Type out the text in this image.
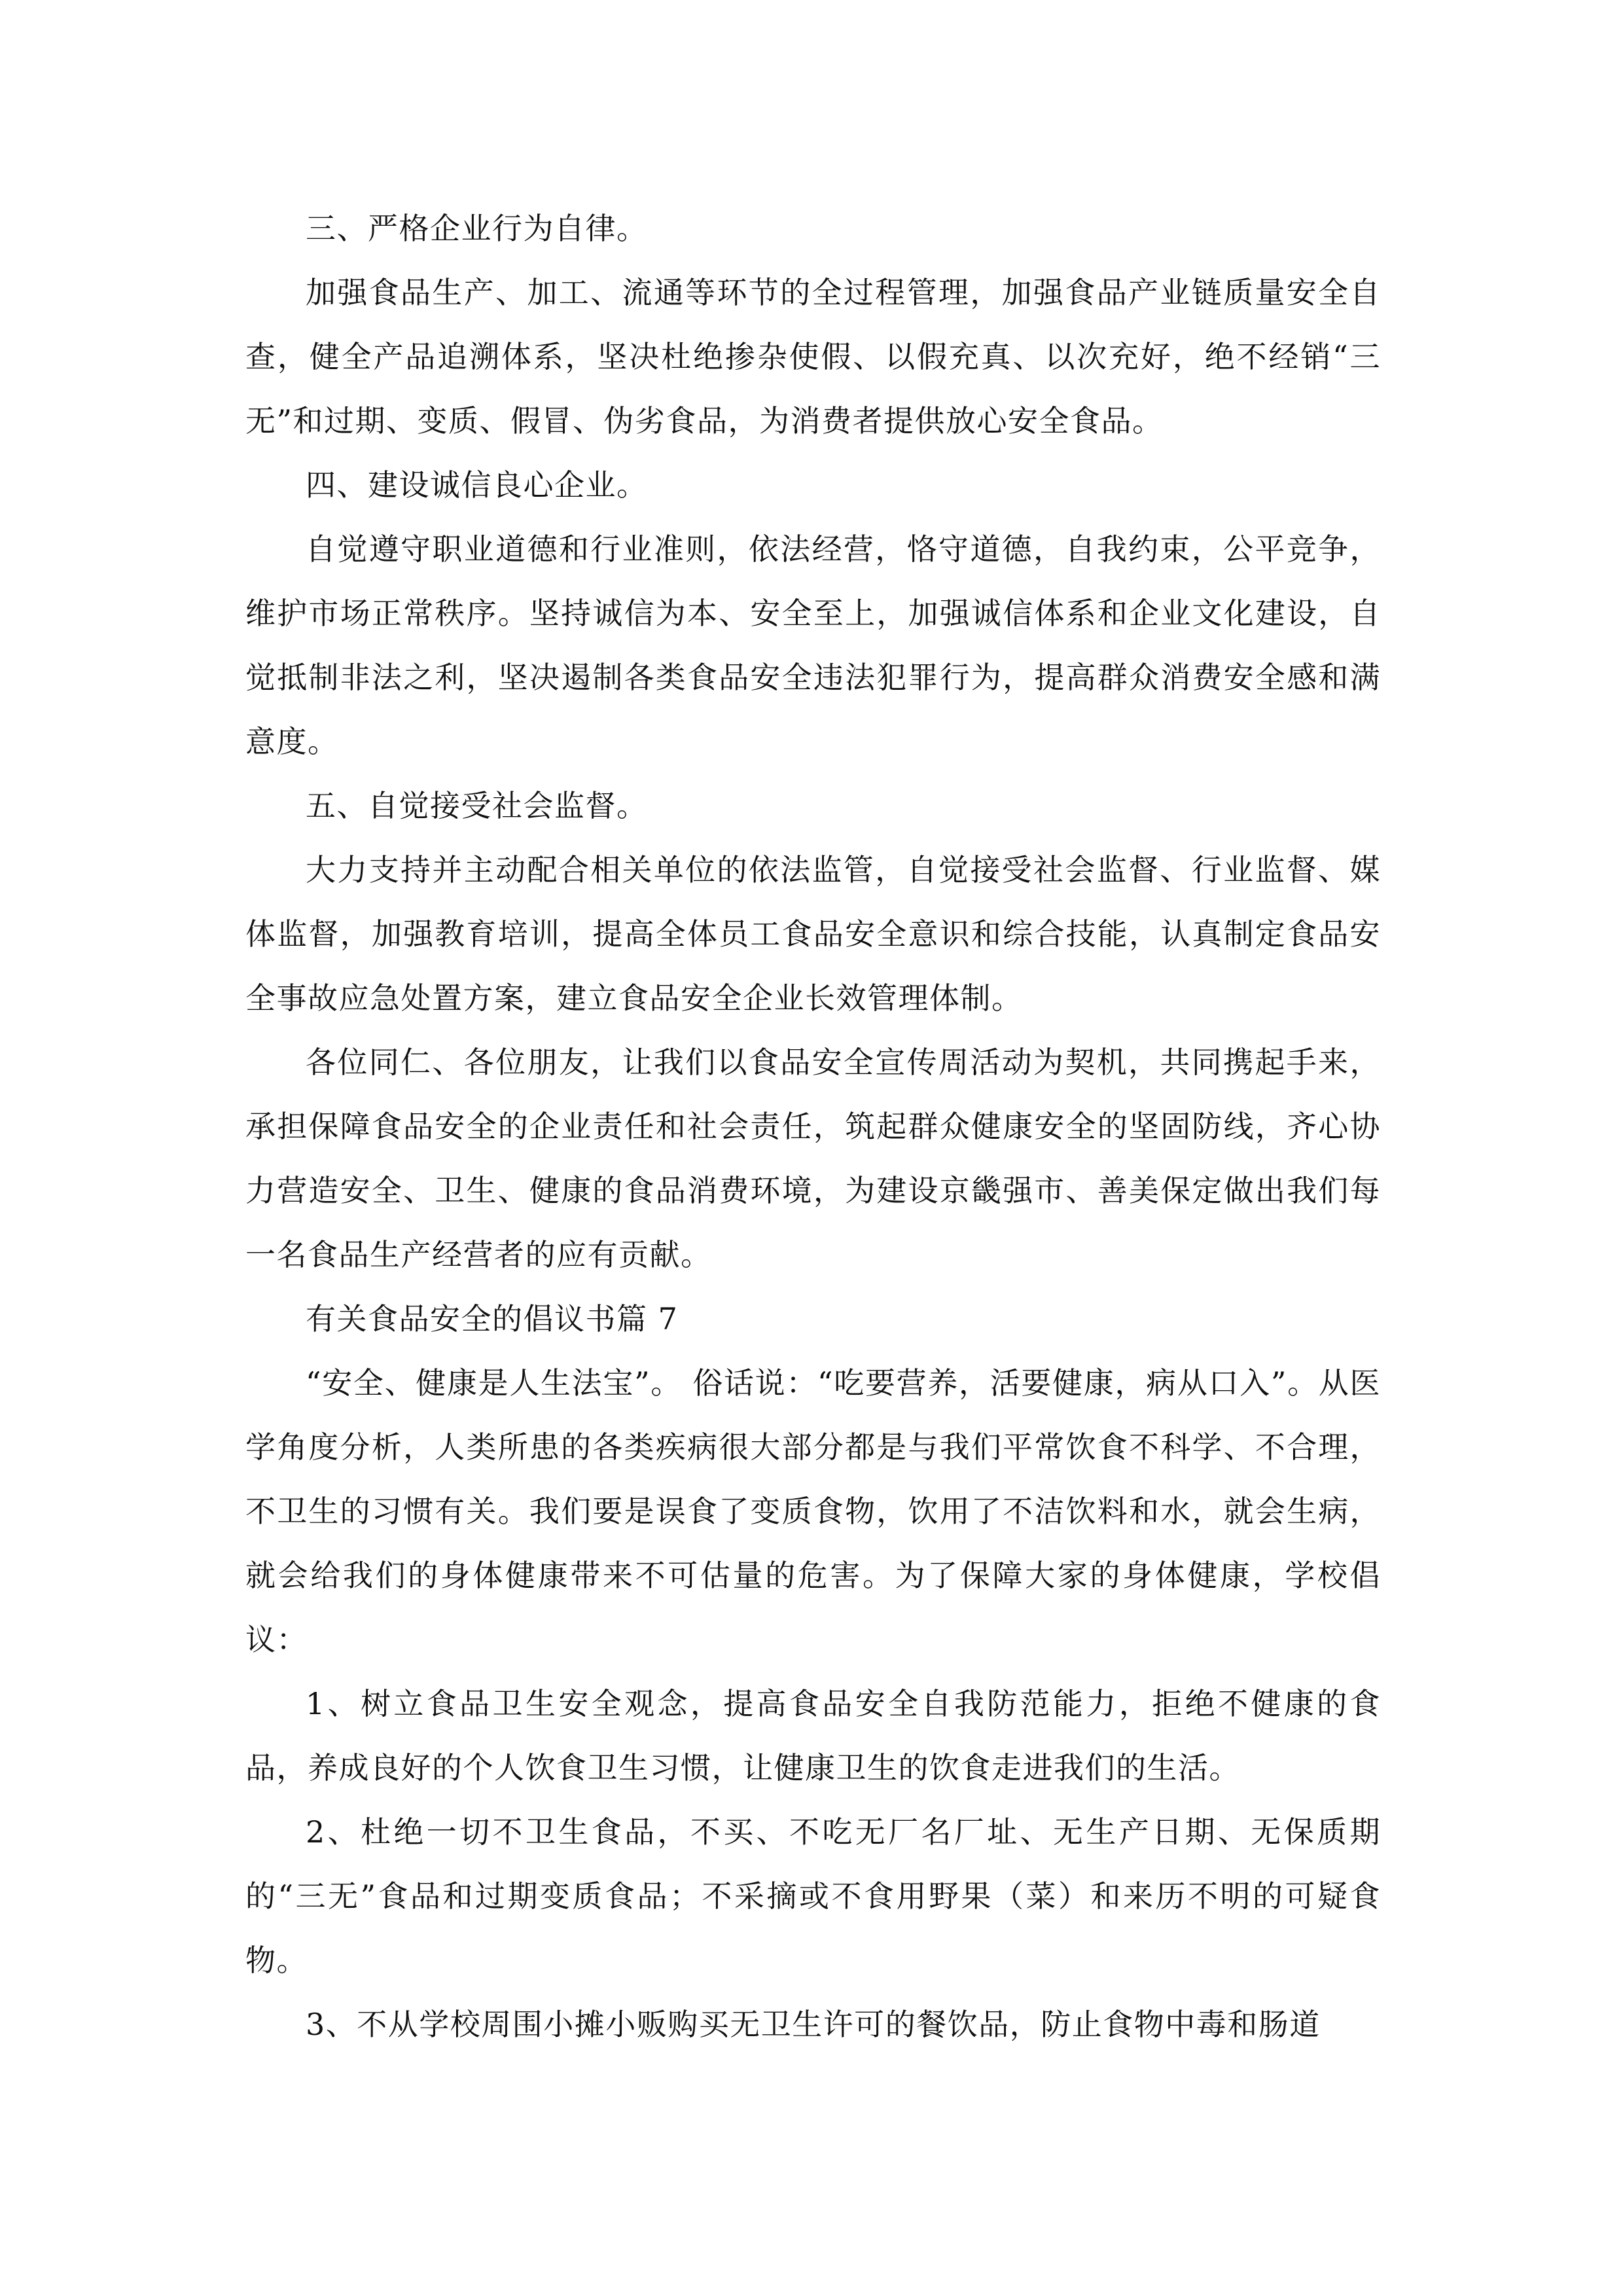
三、严格企业行为自律。

加强食品生产、加工、流通等环节的全过程管理，加强食品产业链质量安全自查，健全产品追溯体系，坚决杜绝掺杂使假、以假充真、以次充好，绝不经销“三无”和过期、变质、假冒、伪劣食品，为消费者提供放心安全食品。

四、建设诚信良心企业。

自觉遵守职业道德和行业准则，依法经营，恪守道德，自我约束，公平竞争，维护市场正常秩序。坚持诚信为本、安全至上，加强诚信体系和企业文化建设，自觉抵制非法之利，坚决遏制各类食品安全违法犯罪行为，提高群众消费安全感和满意度。

五、自觉接受社会监督。

大力支持并主动配合相关单位的依法监管，自觉接受社会监督、行业监督、媒体监督，加强教育培训，提高全体员工食品安全意识和综合技能，认真制定食品安全事故应急处置方案，建立食品安全企业长效管理体制。

各位同仁、各位朋友，让我们以食品安全宣传周活动为契机，共同携起手来，承担保障食品安全的企业责任和社会责任，筑起群众健康安全的坚固防线，齐心协力营造安全、卫生、健康的食品消费环境，为建设京畿强市、善美保定做出我们每一名食品生产经营者的应有贡献。

有关食品安全的倡议书篇 7

“安全、健康是人生法宝”。 俗话说：“吃要营养，活要健康，病从口入”。从医学角度分析，人类所患的各类疾病很大部分都是与我们平常饮食不科学、不合理，不卫生的习惯有关。我们要是误食了变质食物，饮用了不洁饮料和水，就会生病，就会给我们的身体健康带来不可估量的危害。为了保障大家的身体健康，学校倡议：

1、树立食品卫生安全观念，提高食品安全自我防范能力，拒绝不健康的食品，养成良好的个人饮食卫生习惯，让健康卫生的饮食走进我们的生活。

2、杜绝一切不卫生食品，不买、不吃无厂名厂址、无生产日期、无保质期的“三无”食品和过期变质食品；不采摘或不食用野果（菜）和来历不明的可疑食物。

3、不从学校周围小摊小贩购买无卫生许可的餐饮品，防止食物中毒和肠道
